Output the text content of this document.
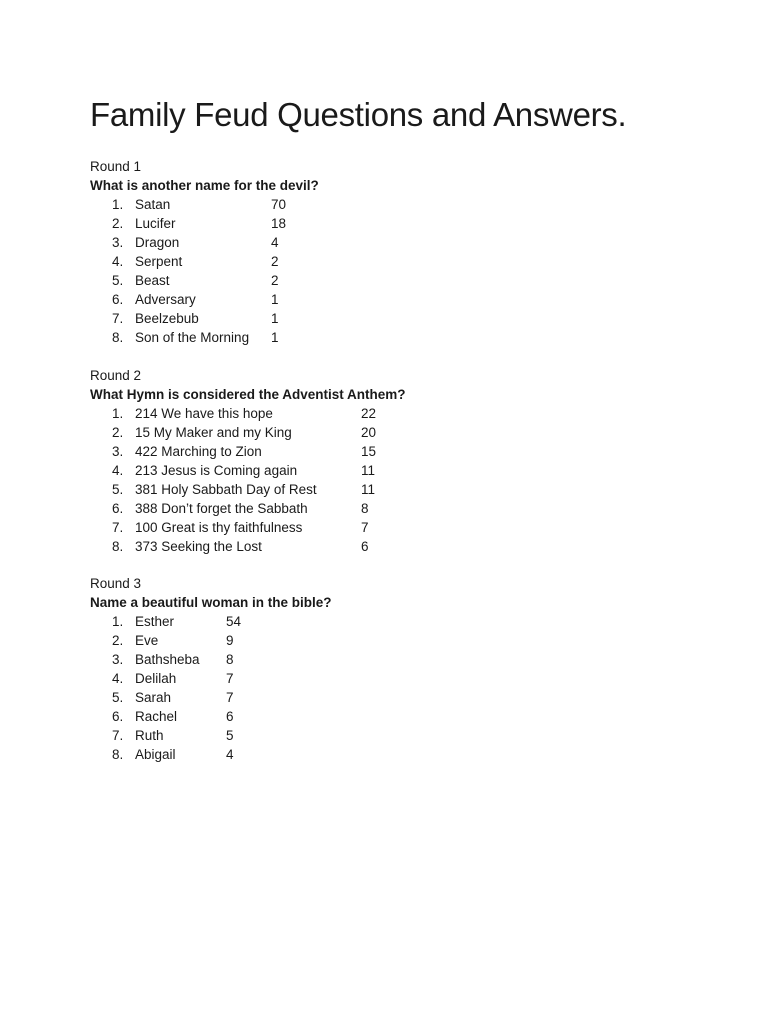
Family Feud Questions and Answers.
Round 1
What is another name for the devil?
1. Satan	70
2. Lucifer	18
3. Dragon	4
4. Serpent	2
5. Beast	2
6. Adversary	1
7. Beelzebub	1
8. Son of the Morning 1
Round 2
What Hymn is considered the Adventist Anthem?
1. 214 We have this hope	22
2. 15 My Maker and my King	20
3. 422 Marching to Zion	15
4. 213 Jesus is Coming again	11
5. 381 Holy Sabbath Day of Rest	11
6. 388 Don’t forget the Sabbath	8
7. 100 Great is thy faithfulness	7
8. 373 Seeking the Lost	6
Round 3
Name a beautiful woman in the bible?
1. Esther	54
2. Eve	9
3. Bathsheba 8
4. Delilah	7
5. Sarah	7
6. Rachel	6
7. Ruth	5
8. Abigail	4
